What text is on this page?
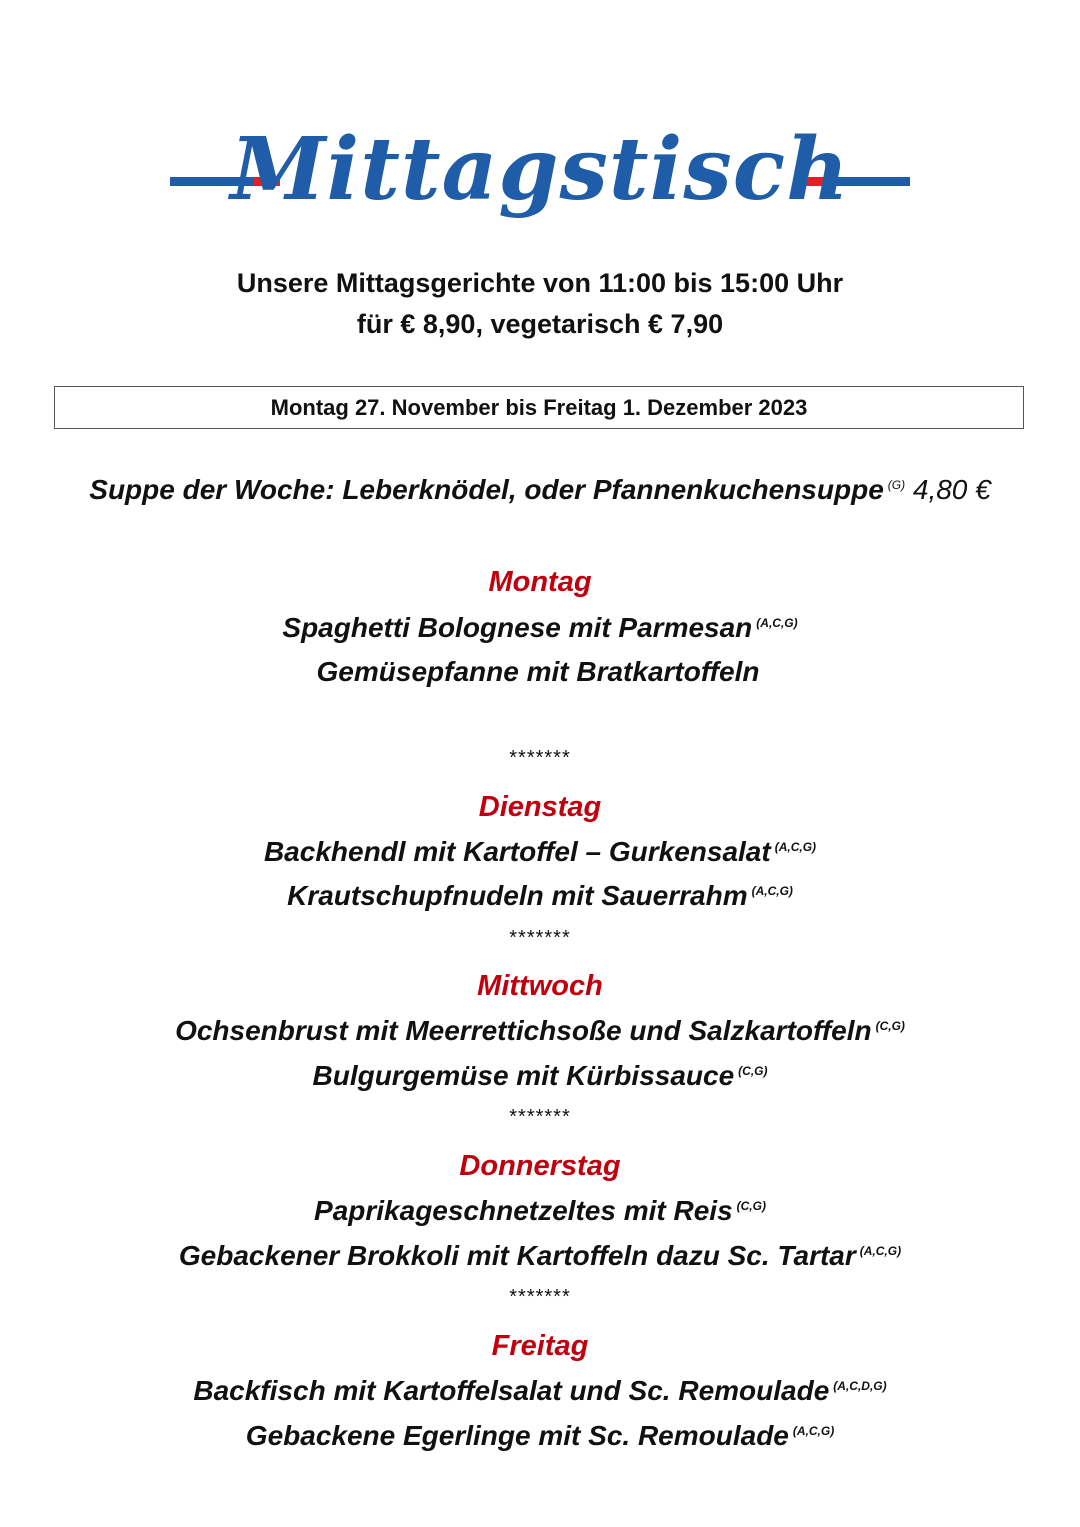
Mittagstisch

Unsere Mittagsgerichte von 11:00 bis 15:00 Uhr

für € 8,90, vegetarisch € 7,90

Montag 27. November bis Freitag 1. Dezember 2023
Suppe der Woche: Leberknödel, oder Pfannenkuchensuppe $^{(G)}$ 4,80 €

Montag

Spaghetti Bolognese mit Parmesan $^{(A,C,G)}$

Gemüsepfanne mit Bratkartoffeln

*******

Dienstag

Backhendl mit Kartoffel – Gurkensalat $^{(A,C,G)}$

Krautschupfnudeln mit Sauerrahm $^{(A,C,G)}$

*******

Mittwoch

Ochsenbrust mit Meerrettichsoße und Salzkartoffeln $^{(C,G)}$

Bulgurgemüse mit Kürbissauce $^{(C,G)}$

*******

Donnerstag

Paprikageschnetzeltes mit Reis $^{(C,G)}$

Gebackener Brokkoli mit Kartoffeln dazu Sc. Tartar $^{(A,C,G)}$

*******

Freitag

Backfisch mit Kartoffelsalat und Sc. Remoulade $^{(A,C,D,G)}$

Gebackene Egerlinge mit Sc. Remoulade $^{(A,C,G)}$
